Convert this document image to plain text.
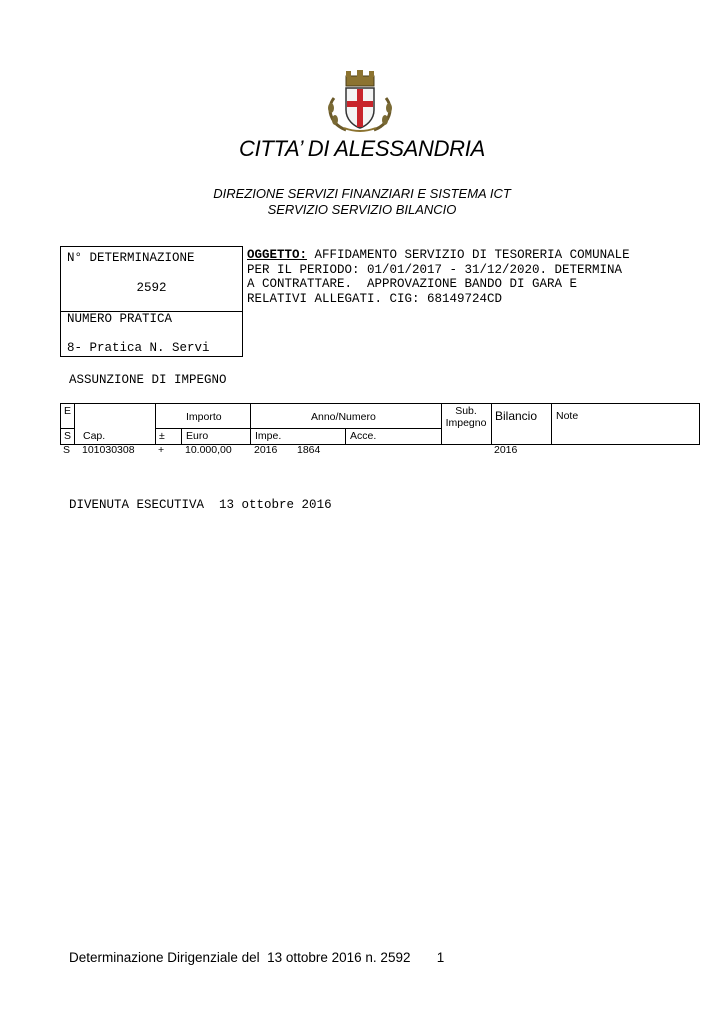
CITTA’ DI ALESSANDRIA
DIREZIONE SERVIZI FINANZIARI E SISTEMA ICT
SERVIZIO SERVIZIO BILANCIO
N° DETERMINAZIONE
2592
NUMERO PRATICA
8- Pratica N. Servi
OGGETTO: AFFIDAMENTO SERVIZIO DI TESORERIA COMUNALE
PER IL PERIODO: 01/01/2017 - 31/12/2020. DETERMINA
A CONTRATTARE.  APPROVAZIONE BANDO DI GARA E
RELATIVI ALLEGATI. CIG: 68149724CD
ASSUNZIONE DI IMPEGNO
E
S Cap.
Importo
± Euro
Anno/Numero
Impe.	Acce.
Sub.
Impegno Bilancio Note
S 101030308 + 10.000,00 2016 1864	2016
DIVENUTA ESECUTIVA 13 ottobre 2016
Determinazione Dirigenziale del  13 ottobre 2016 n. 2592 1
